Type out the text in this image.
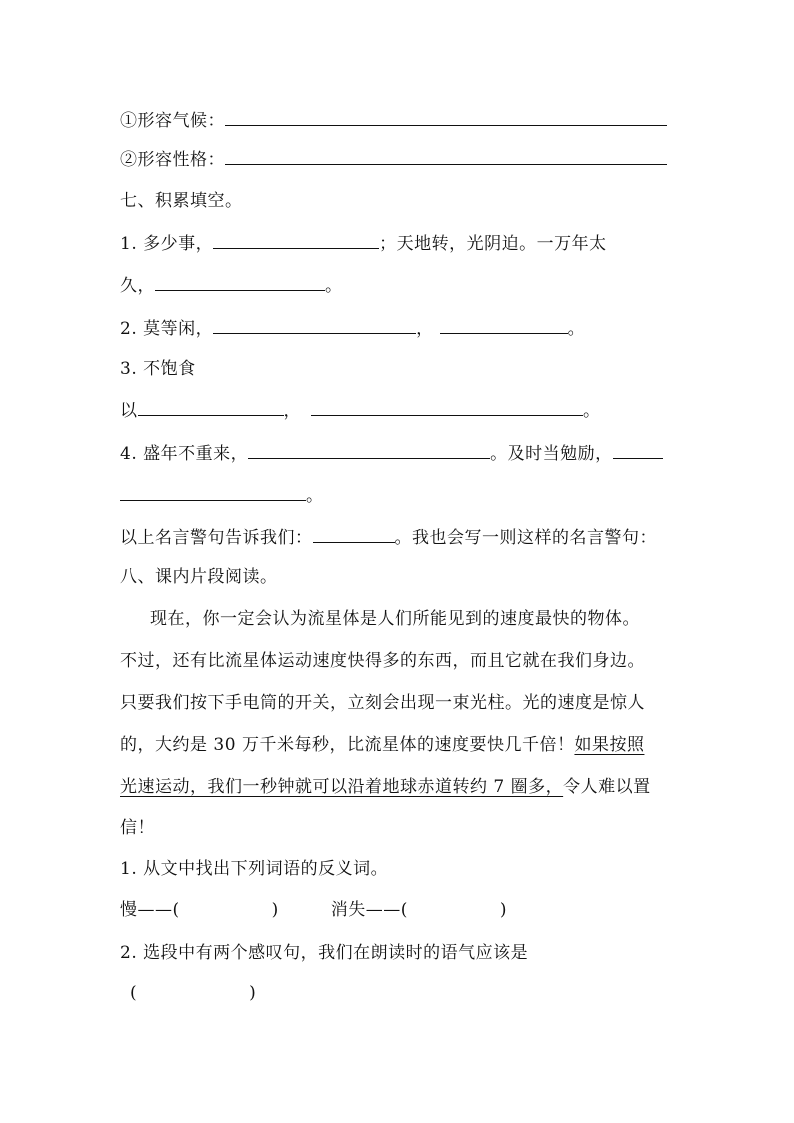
①形容气候：
②形容性格：
七、积累填空。
1. 多少事，	；天地转，光阴迫。一万年太
久，	。
2. 莫等闲，	，	。
3. 不饱食
以	，	。
4. 盛年不重来，	。及时当勉励，
。
以上名言警句告诉我们：	。我也会写一则这样的名言警句：
八、课内片段阅读。
现在，你一定会认为流星体是人们所能见到的速度最快的物体。
不过，还有比流星体运动速度快得多的东西，而且它就在我们身边。
只要我们按下手电筒的开关，立刻会出现一束光柱。光的速度是惊人
的，大约是 30 万千米每秒，比流星体的速度要快几千倍！如果按照
光速运动，我们一秒钟就可以沿着地球赤道转约 7 圈多，令人难以置
信！
1. 从文中找出下列词语的反义词。
慢——(	)	消失——(	)
2. 选段中有两个感叹句，我们在朗读时的语气应该是
(	)
